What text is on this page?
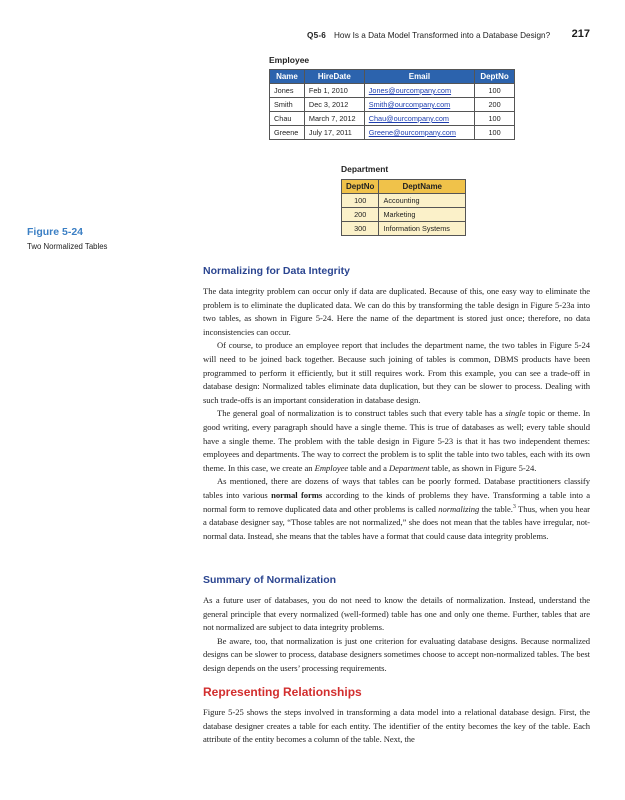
Q5-6 How Is a Data Model Transformed into a Database Design? 217
Employee
Name	HireDate	Email	DeptNo
Jones	Feb 1, 2010	Jones@ourcompany.com	100
Smith	Dec 3, 2012	Smith@ourcompany.com	200
Chau	March 7, 2012	Chau@ourcompany.com	100
Greene	July 17, 2011	Greene@ourcompany.com	100
Department
DeptNo	DeptName
100	Accounting
200	Marketing
300	Information Systems
Figure 5-24
Two Normalized Tables
Normalizing for Data Integrity

The data integrity problem can occur only if data are duplicated. Because of this, one easy way to eliminate the problem is to eliminate the duplicated data. We can do this by transforming the table design in Figure 5-23a into two tables, as shown in Figure 5-24. Here the name of the department is stored just once; therefore, no data inconsistencies can occur.

Of course, to produce an employee report that includes the department name, the two tables in Figure 5-24 will need to be joined back together. Because such joining of tables is common, DBMS products have been programmed to perform it efficiently, but it still requires work. From this example, you can see a trade-off in database design: Normalized tables eliminate data duplication, but they can be slower to process. Dealing with such trade-offs is an important consideration in database design.

The general goal of normalization is to construct tables such that every table has a single topic or theme. In good writing, every paragraph should have a single theme. This is true of databases as well; every table should have a single theme. The problem with the table design in Figure 5-23 is that it has two independent themes: employees and departments. The way to correct the problem is to split the table into two tables, each with its own theme. In this case, we create an Employee table and a Department table, as shown in Figure 5-24.

As mentioned, there are dozens of ways that tables can be poorly formed. Database practitioners classify tables into various normal forms according to the kinds of problems they have. Transforming a table into a normal form to remove duplicated data and other problems is called normalizing the table.$^3$ Thus, when you hear a database designer say, “Those tables are not normalized,” she does not mean that the tables have irregular, not-normal data. Instead, she means that the tables have a format that could cause data integrity problems.

Summary of Normalization

As a future user of databases, you do not need to know the details of normalization. Instead, understand the general principle that every normalized (well-formed) table has one and only one theme. Further, tables that are not normalized are subject to data integrity problems.

Be aware, too, that normalization is just one criterion for evaluating database designs. Because normalized designs can be slower to process, database designers sometimes choose to accept non-normalized tables. The best design depends on the users’ processing requirements.

Representing Relationships

Figure 5-25 shows the steps involved in transforming a data model into a relational database design. First, the database designer creates a table for each entity. The identifier of the entity becomes the key of the table. Each attribute of the entity becomes a column of the table. Next, the
